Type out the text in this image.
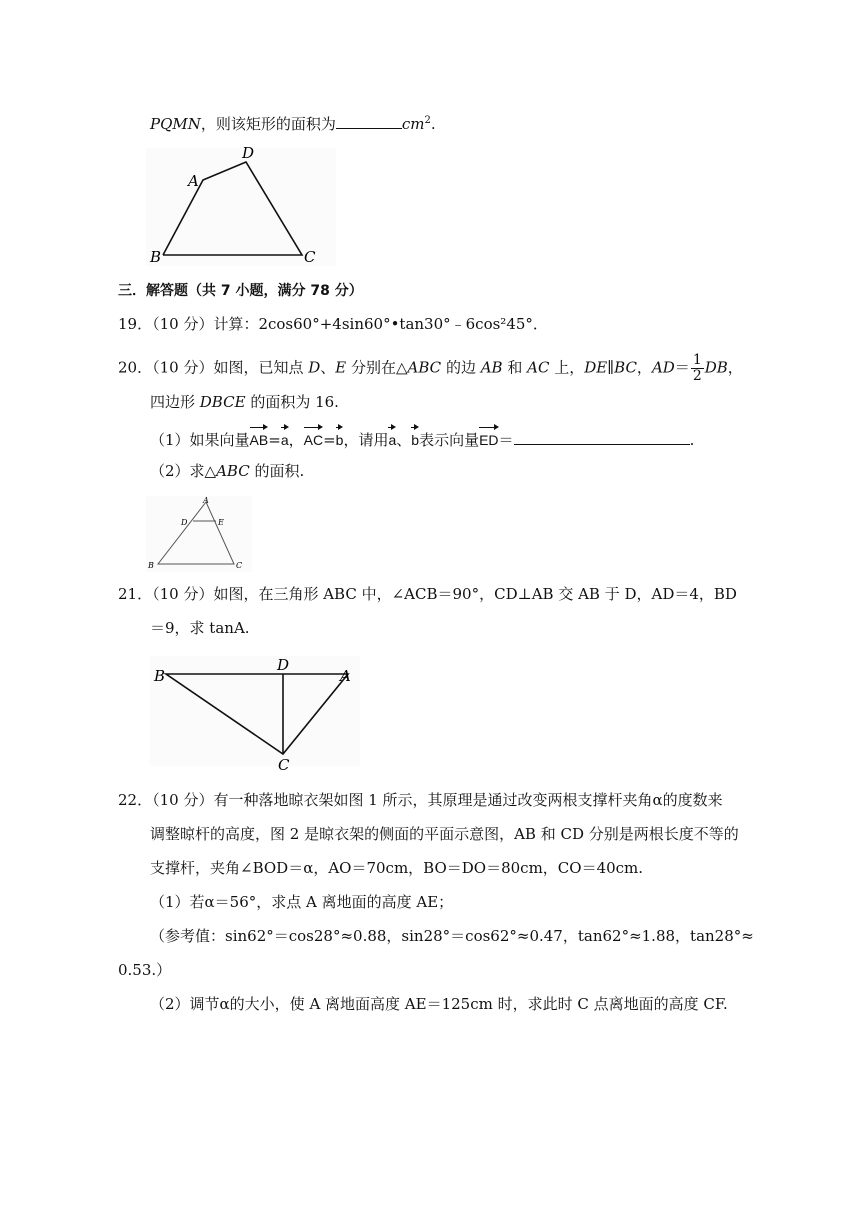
PQMN，则该矩形的面积为	$cm^2$.
A
B	C
D
三．解答题（共 7 小题，满分 78 分）
19．（10 分）计算：2cos60°+4sin60°•tan30°﹣6cos²45°．
20．（10 分）如图，已知点 D、E 分别在△ABC 的边 AB 和 AC 上，DE∥BC，$AD= \frac{1}{2}$ DB，
四边形 DBCE 的面积为 16.
（1）如果向量AB=a，AC=b，请用a、b表示向量ED＝	.
（2）求△ABC 的面积.
A
D	E
B	C
21．（10 分）如图，在三角形 ABC 中，∠ACB＝90°，CD⊥AB 交 AB 于 D，AD＝4，BD
＝9，求 tanA.
B
D
A
C
22．（10 分）有一种落地晾衣架如图 1 所示，其原理是通过改变两根支撑杆夹角α的度数来
调整晾杆的高度，图 2 是晾衣架的侧面的平面示意图，AB 和 CD 分别是两根长度不等的
支撑杆，夹角∠BOD＝α，AO＝70cm，BO＝DO＝80cm，CO＝40cm.
（1）若α＝56°，求点 A 离地面的高度 AE；
（参考值：sin62°＝cos28°≈0.88，sin28°＝cos62°≈0.47，tan62°≈1.88，tan28°≈
0.53.）
（2）调节α的大小，使 A 离地面高度 AE＝125cm 时，求此时 C 点离地面的高度 CF.
